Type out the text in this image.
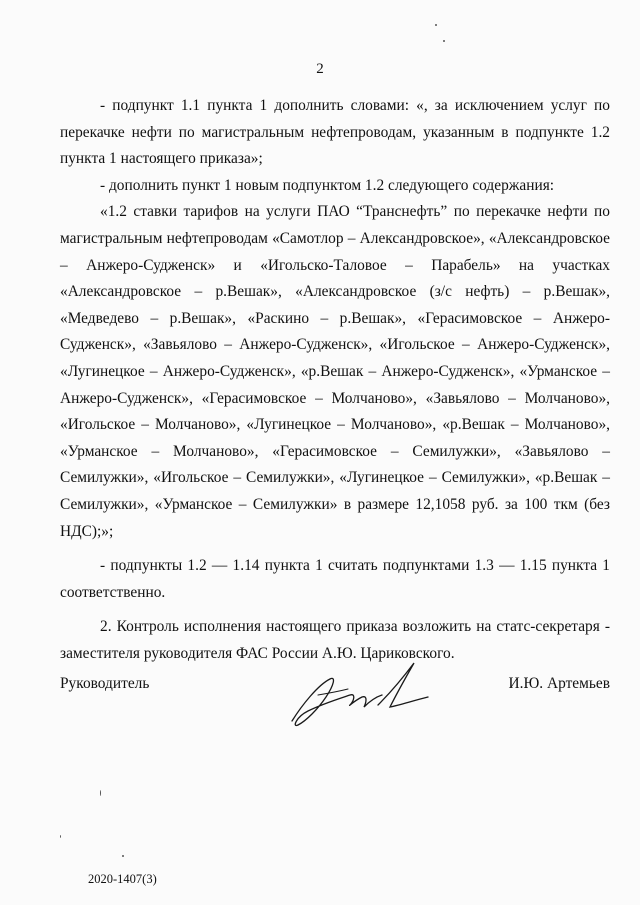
2

- подпункт 1.1 пункта 1 дополнить словами: «, за исключением услуг по перекачке нефти по магистральным нефтепроводам, указанным в подпункте 1.2 пункта 1 настоящего приказа»;

- дополнить пункт 1 новым подпунктом 1.2 следующего содержания:

«1.2 ставки тарифов на услуги ПАО “Транснефть” по перекачке нефти по магистральным нефтепроводам «Самотлор – Александровское», «Александровское – Анжеро-Судженск» и «Игольско-Таловое – Парабель» на участках «Александровское – р.Вешак», «Александровское (з/с нефть) – р.Вешак», «Медведево – р.Вешак», «Раскино – р.Вешак», «Герасимовское – Анжеро-Судженск», «Завьялово – Анжеро-Судженск», «Игольское – Анжеро-Судженск», «Лугинецкое – Анжеро-Судженск», «р.Вешак – Анжеро-Судженск», «Урманское – Анжеро-Судженск», «Герасимовское – Молчаново», «Завьялово – Молчаново», «Игольское – Молчаново», «Лугинецкое – Молчаново», «р.Вешак – Молчаново», «Урманское – Молчаново», «Герасимовское – Семилужки», «Завьялово – Семилужки», «Игольское – Семилужки», «Лугинецкое – Семилужки», «р.Вешак – Семилужки», «Урманское – Семилужки» в размере 12,1058 руб. за 100 ткм (без НДС);»;

- подпункты 1.2 — 1.14 пункта 1 считать подпунктами 1.3 — 1.15 пункта 1 соответственно.

2. Контроль исполнения настоящего приказа возложить на статс-секретаря - заместителя руководителя ФАС России А.Ю. Цариковского.

Руководитель	И.Ю. Артемьев
2020-1407(3)
